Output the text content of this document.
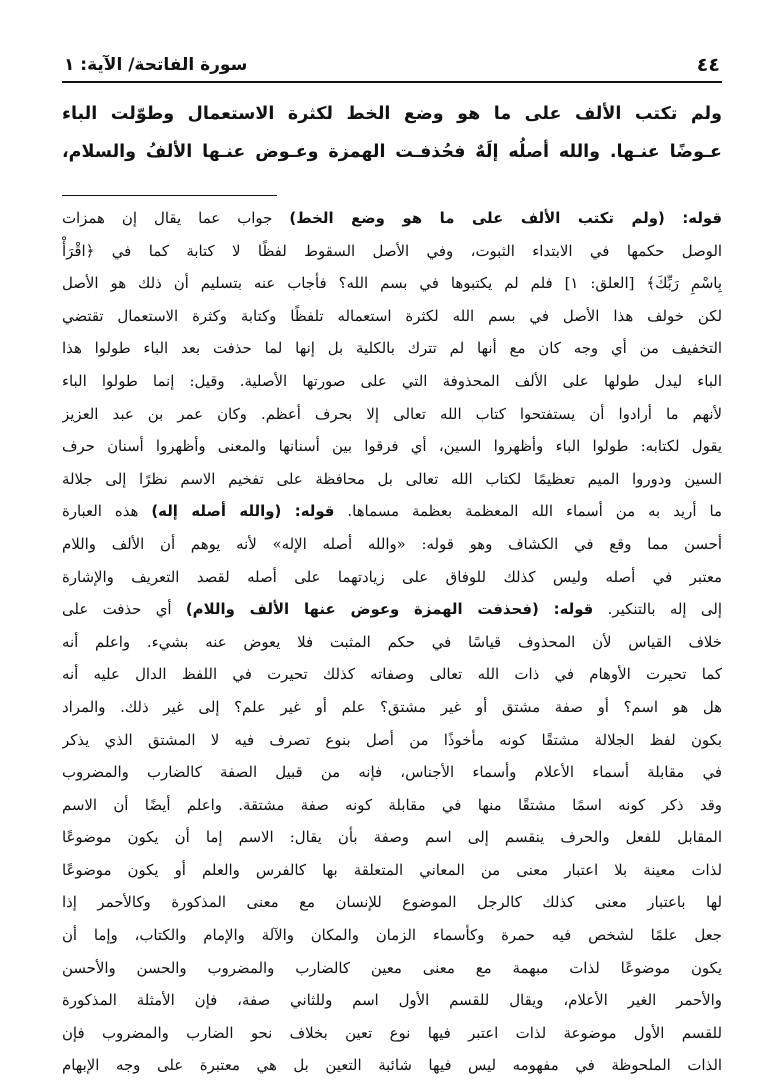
٤٤
سورة الفاتحة/ الآية: ١

ولم تكتب الألف على ما هو وضع الخط لكثرة الاستعمال وطوّلت الباء

عـوضًا عنـها. والله أصلُه إلَهٌ فحُذفـت الهمزة وعـوض عنـها الألفُ والسلام،

قوله: (ولم تكتب الألف على ما هو وضع الخط) جواب عما يقال إن همزات

الوصل حكمها في الابتداء الثبوت، وفي الأصل السقوط لفظًا لا كتابة كما في ﴿اقْرَأْ

بِاسْمِ رَبِّكَ﴾ [العلق: ١] فلم لم يكتبوها في بسم الله؟ فأجاب عنه بتسليم أن ذلك هو الأصل

لكن خولف هذا الأصل في بسم الله لكثرة استعماله تلفظًا وكتابة وكثرة الاستعمال تقتضي

التخفيف من أي وجه كان مع أنها لم تترك بالكلية بل إنها لما حذفت بعد الباء طولوا هذا

الباء ليدل طولها على الألف المحذوفة التي على صورتها الأصلية. وقيل: إنما طولوا الباء

لأنهم ما أرادوا أن يستفتحوا كتاب الله تعالى إلا بحرف أعظم. وكان عمر بن عبد العزيز

يقول لكتابه: طولوا الباء وأظهروا السين، أي فرقوا بين أسنانها والمعنى وأظهروا أسنان حرف

السين ودوروا الميم تعظيمًا لكتاب الله تعالى بل محافظة على تفخيم الاسم نظرًا إلى جلالة

ما أريد به من أسماء الله المعظمة بعظمة مسماها. قوله: (والله أصله إله) هذه العبارة

أحسن مما وقع في الكشاف وهو قوله: «والله أصله الإله» لأنه يوهم أن الألف واللام

معتبر في أصله وليس كذلك للوفاق على زيادتهما على أصله لقصد التعريف والإشارة

إلى إله بالتنكير. قوله: (فحذفت الهمزة وعوض عنها الألف واللام) أي حذفت على

خلاف القياس لأن المحذوف قياسًا في حكم المثبت فلا يعوض عنه بشيء. واعلم أنه

كما تحيرت الأوهام في ذات الله تعالى وصفاته كذلك تحيرت في اللفظ الدال عليه أنه

هل هو اسم؟ أو صفة مشتق أو غير مشتق؟ علم أو غير علم؟ إلى غير ذلك. والمراد

بكون لفظ الجلالة مشتقًا كونه مأخوذًا من أصل بنوع تصرف فيه لا المشتق الذي يذكر

في مقابلة أسماء الأعلام وأسماء الأجناس، فإنه من قبيل الصفة كالضارب والمضروب

وقد ذكر كونه اسمًا مشتقًا منها في مقابلة كونه صفة مشتقة. واعلم أيضًا أن الاسم

المقابل للفعل والحرف ينقسم إلى اسم وصفة بأن يقال: الاسم إما أن يكون موضوعًا

لذات معينة بلا اعتبار معنى من المعاني المتعلقة بها كالفرس والعلم أو يكون موضوعًا

لها باعتبار معنى كذلك كالرجل الموضوع للإنسان مع معنى المذكورة وكالأحمر إذا

جعل علمًا لشخص فيه حمرة وكأسماء الزمان والمكان والآلة والإمام والكتاب، وإما أن

يكون موضوعًا لذات مبهمة مع معنى معين كالضارب والمضروب والحسن والأحسن

والأحمر الغير الأعلام، ويقال للقسم الأول اسم وللثاني صفة، فإن الأمثلة المذكورة

للقسم الأول موضوعة لذات اعتبر فيها نوع تعين بخلاف نحو الضارب والمضروب فإن

الذات الملحوظة في مفهومه ليس فيها شائبة التعين بل هي معتبرة على وجه الإبهام
